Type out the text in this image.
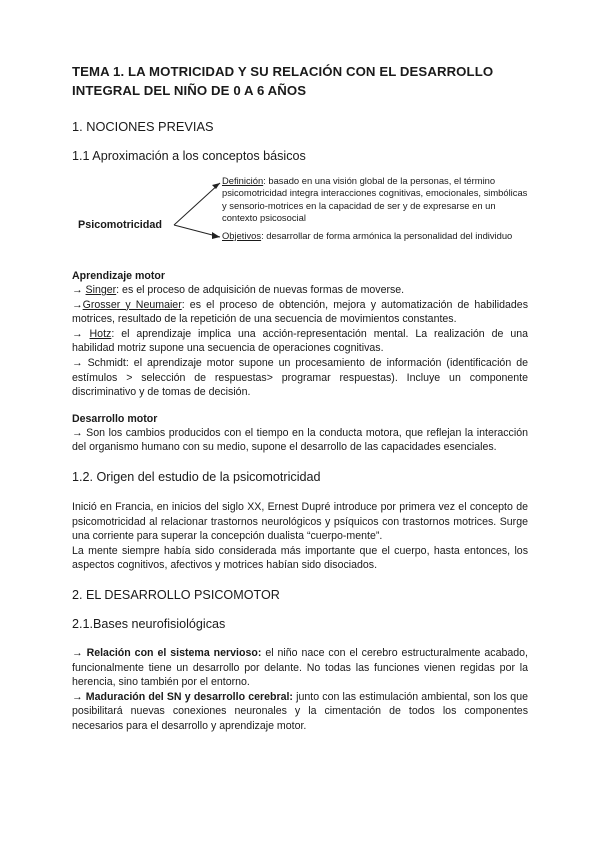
TEMA 1. LA MOTRICIDAD Y SU RELACIÓN CON EL DESARROLLO INTEGRAL DEL NIÑO DE 0 A 6 AÑOS
1. NOCIONES PREVIAS
1.1 Aproximación a los conceptos básicos
Psicomotricidad
Definición: basado en una visión global de la personas, el término psicomotricidad integra interacciones cognitivas, emocionales, simbólicas y sensorio-motrices en la capacidad de ser y de expresarse en un contexto psicosocial
Objetivos: desarrollar de forma armónica la personalidad del individuo
Aprendizaje motor

→ Singer: es el proceso de adquisición de nuevas formas de moverse.

→Grosser y Neumaier: es el proceso de obtención, mejora y automatización de habilidades motrices, resultado de la repetición de una secuencia de movimientos constantes.

→ Hotz: el aprendizaje implica una acción-representación mental. La realización de una habilidad motriz supone una secuencia de operaciones cognitivas.

→ Schmidt: el aprendizaje motor supone un procesamiento de información (identificación de estímulos > selección de respuestas> programar respuestas). Incluye un componente discriminativo y de tomas de decisión.

Desarrollo motor

→ Son los cambios producidos con el tiempo en la conducta motora, que reflejan la interacción del organismo humano con su medio, supone el desarrollo de las capacidades esenciales.

1.2. Origen del estudio de la psicomotricidad

Inició en Francia, en inicios del siglo XX, Ernest Dupré introduce por primera vez el concepto de psicomotricidad al relacionar trastornos neurológicos y psíquicos con trastornos motrices. Surge una corriente para superar la concepción dualista “cuerpo-mente”.

La mente siempre había sido considerada más importante que el cuerpo, hasta entonces, los aspectos cognitivos, afectivos y motrices habían sido disociados.

2. EL DESARROLLO PSICOMOTOR
2.1.Bases neurofisiológicas

→ Relación con el sistema nervioso: el niño nace con el cerebro estructuralmente acabado, funcionalmente tiene un desarrollo por delante. No todas las funciones vienen regidas por la herencia, sino también por el entorno.

→ Maduración del SN y desarrollo cerebral: junto con las estimulación ambiental, son los que posibilitará nuevas conexiones neuronales y la cimentación de todos los componentes necesarios para el desarrollo y aprendizaje motor.
